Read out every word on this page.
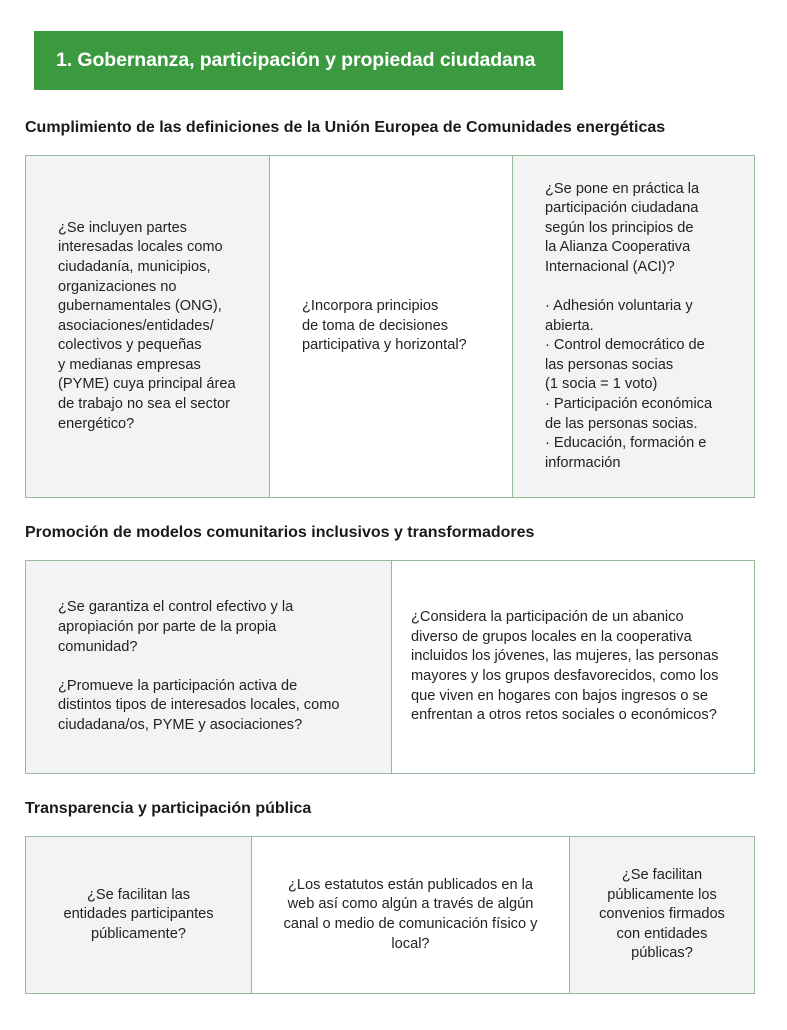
1. Gobernanza, participación y propiedad ciudadana
Cumplimiento de las definiciones de la Unión Europea de Comunidades energéticas
¿Se incluyen partes
interesadas locales como
ciudadanía, municipios,
organizaciones no
gubernamentales (ONG),
asociaciones/entidades/
colectivos y pequeñas
y medianas empresas
(PYME) cuya principal área
de trabajo no sea el sector
energético?
¿Incorpora principios
de toma de decisiones
participativa y horizontal?
¿Se pone en práctica la
participación ciudadana
según los principios de
la Alianza Cooperativa
Internacional (ACI)?

· Adhesión voluntaria y
abierta.
· Control democrático de
las personas socias
(1 socia = 1 voto)
· Participación económica
de las personas socias.
· Educación, formación e
información
Promoción de modelos comunitarios inclusivos y transformadores
¿Se garantiza el control efectivo y la
apropiación por parte de la propia
comunidad?

¿Promueve la participación activa de
distintos tipos de interesados locales, como
ciudadana/os, PYME y asociaciones?
¿Considera la participación de un abanico
diverso de grupos locales en la cooperativa
incluidos los jóvenes, las mujeres, las personas
mayores y los grupos desfavorecidos, como los
que viven en hogares con bajos ingresos o se
enfrentan a otros retos sociales o económicos?
Transparencia y participación pública
¿Se facilitan las
entidades participantes
públicamente?
¿Los estatutos están publicados en la
web así como algún a través de algún
canal o medio de comunicación físico y
local?
¿Se facilitan
públicamente los
convenios firmados
con entidades
públicas?
